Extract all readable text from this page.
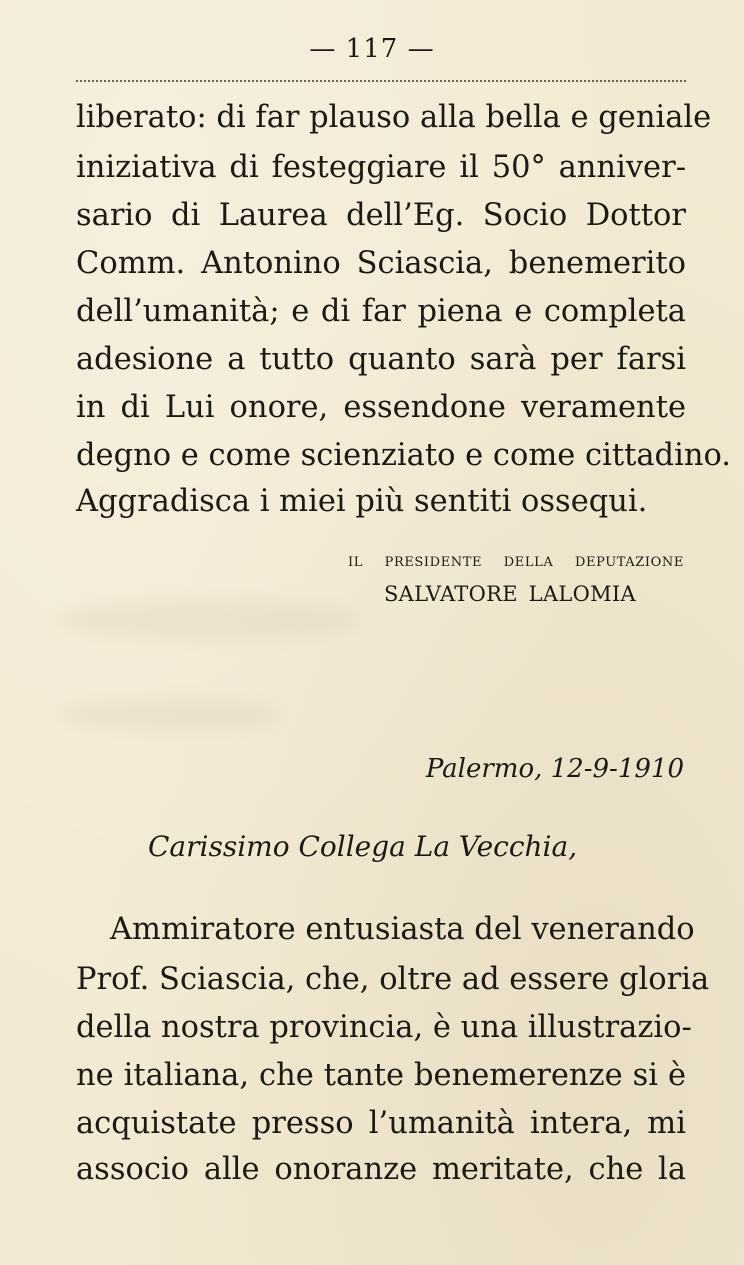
— 117 —
liberato: di far plauso alla bella e geniale
iniziativa di festeggiare il 50° anniver-
sario di Laurea dell’Eg. Socio Dottor
Comm. Antonino Sciascia, benemerito
dell’umanità; e di far piena e completa
adesione a tutto quanto sarà per farsi
in di Lui onore, essendone veramente
degno e come scienziato e come cittadino.
Aggradisca i miei più sentiti ossequi.
IL PRESIDENTE DELLA DEPUTAZIONE
SALVATORE LALOMIA
Palermo, 12-9-1910
Carissimo Collega La Vecchia,
Ammiratore entusiasta del venerando
Prof. Sciascia, che, oltre ad essere gloria
della nostra provincia, è una illustrazio-
ne italiana, che tante benemerenze si è
acquistate presso l’umanità intera, mi
associo alle onoranze meritate, che la
